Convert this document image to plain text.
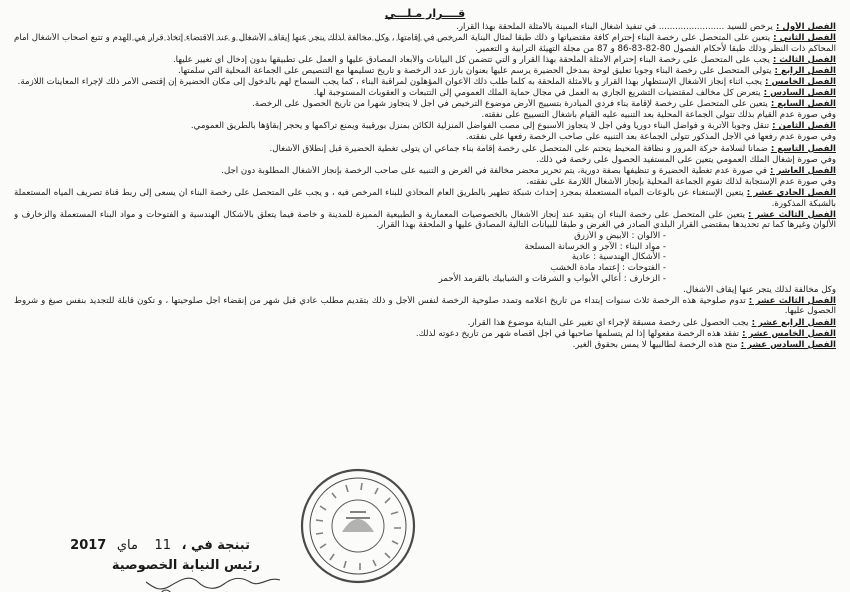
قــــرار مـلـــي
الفصل الأول :يرخص للسيد ........................ في تنفيذ أشغال البناء المبينة بالأمثلة الملحقة بهذا القرار.
الفصل الثاني :يتعين على المتحصل على رخصة البناء إحترام كافة مقتضياتها و ذلك طبقا لمثال البناية المرخص في إقامتها ، وكل مخالفة لذلك ينجر عنها إيقاف الأشغال و عند الاقتضاء إتخاذ قرار في الهدم و تتبع أصحاب الأشغال أمام المحاكم ذات النظر وذلك طبقا لأحكام الفصول 80-82-83-86 و 87 من مجلة التهيئة الترابية و التعمير.
الفصل الثالث :يجب على المتحصل على رخصة البناء إحترام الأمثلة الملحقة بهذا القرار و التي تتضمن كل البيانات والأبعاد المصادق عليها و العمل على تطبيقها بدون إدخال أي تغيير عليها.
الفصل الرابع :يتولى المتحصل على رخصة البناء وجوبا تعليق لوحة بمدخل الحضيرة يرسم عليها بعنوان بارز عدد الرخصة و تاريخ تسليمها مع التنصيص على الجماعة المحلية التي سلمتها.
الفصل الخامس :يجب أثناء إنجاز الأشغال الإستظهار بهذا القرار و بالأمثلة الملحقة به كلما طلب ذلك الأعوان المؤهلون لمراقبة البناء ، كما يجب السماح لهم بالدخول إلى مكان الحضيرة إن إقتضى الأمر ذلك لإجراء المعاينات اللازمة.
الفصل السادس :يتعرض كل مخالف لمقتضيات التشريع الجاري به العمل في مجال حماية الملك العمومي إلى التتبعات و العقوبات المستوجبة لها.
الفصل السابع :يتعين على المتحصل على رخصة لإقامة بناء فردي المبادرة بتسييج الأرض موضوع الترخيص في أجل لا يتجاوز شهرا من تاريخ الحصول على الرخصة.
وفي صورة عدم القيام بذلك تتولى الجماعة المحلية بعد التنبيه عليه القيام بأشغال التسييج على نفقته.
الفصل الثامن :تنقل وجوبا الأتربة و فواضل البناء دوريا وفي أجل لا يتجاوز الأسبوع إلى مصب الفواضل المنزلية الكائن بمنزل بورقيبة ويمنع تراكمها و يحجر إبقاؤها بالطريق العمومي.
وفي صورة عدم رفعها في الأجل المذكور تتولى الجماعة بعد التنبيه على صاحب الرخصة رفعها على نفقته.
الفصل التاسع :ضمانا لسلامة حركة المرور و نظافة المحيط يتحتم على المتحصل على رخصة إقامة بناء جماعي أن يتولى تغطية الحضيرة قبل إنطلاق الأشغال.
وفي صورة إشغال الملك العمومي يتعين على المستفيد الحصول على رخصة في ذلك.
الفصل العاشر :في صورة عدم تغطية الحضيرة و تنظيفها بصفة دورية، يتم تحرير محضر مخالفة في الغرض و التنبيه على صاحب الرخصة بإنجاز الأشغال المطلوبة دون أجل.
وفي صورة عدم الإستجابة لذلك تقوم الجماعة المحلية بإنجاز الأشغال اللازمة على نفقته.
الفصل الحادي عشر :يتعين الإستغناء عن بالوعات المياه المستعملة بمجرد إحداث شبكة تطهير بالطريق العام المحاذي للبناء المرخص فيه ، و يجب على المتحصل على رخصة البناء أن يسعى إلى ربط قناة تصريف المياه المستعملة بالشبكة المذكورة.
الفصل الثالث عشر :يتعين على المتحصل على رخصة البناء أن يتقيد عند إنجاز الأشغال بالخصوصيات المعمارية و الطبيعية المميزة للمدينة و خاصة فيما يتعلق بالأشكال الهندسية و الفتوحات و مواد البناء المستعملة والزخارف و الألوان وغيرها كما تم تحديدها بمقتضى القرار البلدي الصادر في الغرض و طبقا للبيانات التالية المصادق عليها و الملحقة بهذا القرار.
- الألوان : الأبيض و الأزرق
- مواد البناء : الآجر و الخرسانة المسلحة
- الأشكال الهندسية : عادية
- الفتوحات : إعتماد مادة الخشب
- الزخارف : أعالي الأبواب و الشرفات و الشبابيك بالقرمد الأحمر
وكل مخالفة لذلك يتجر عنها إيقاف الأشغال.
الفصل الثالث عشر :تدوم صلوحية هذه الرخصة ثلاث سنوات إبتداء من تاريخ اعلامه وتمدد صلوحية الرخصة لنفس الأجل و ذلك بتقديم مطلب عادي قبل شهر من إنقضاء أجل صلوحيتها ، و تكون قابلة للتجديد بنفس صيغ و شروط الحصول عليها.
الفصل الرابع عشر :يجب الحصول على رخصة مسبقة لإجراء أي تغيير على البناية موضوع هذا القرار.
الفصل الخامس عشر :تفقد هذه الرخصة مفعولها إذا لم يتسلمها صاحبها في أجل أقصاه شهر من تاريخ دعوته لذلك.
الفصل السادس عشر :منح هذه الرخصة لطالبيها لا يمس بحقوق الغير.
تبنجة في ، 11 ماي 2017
رئيس النيابة الخصوصية
